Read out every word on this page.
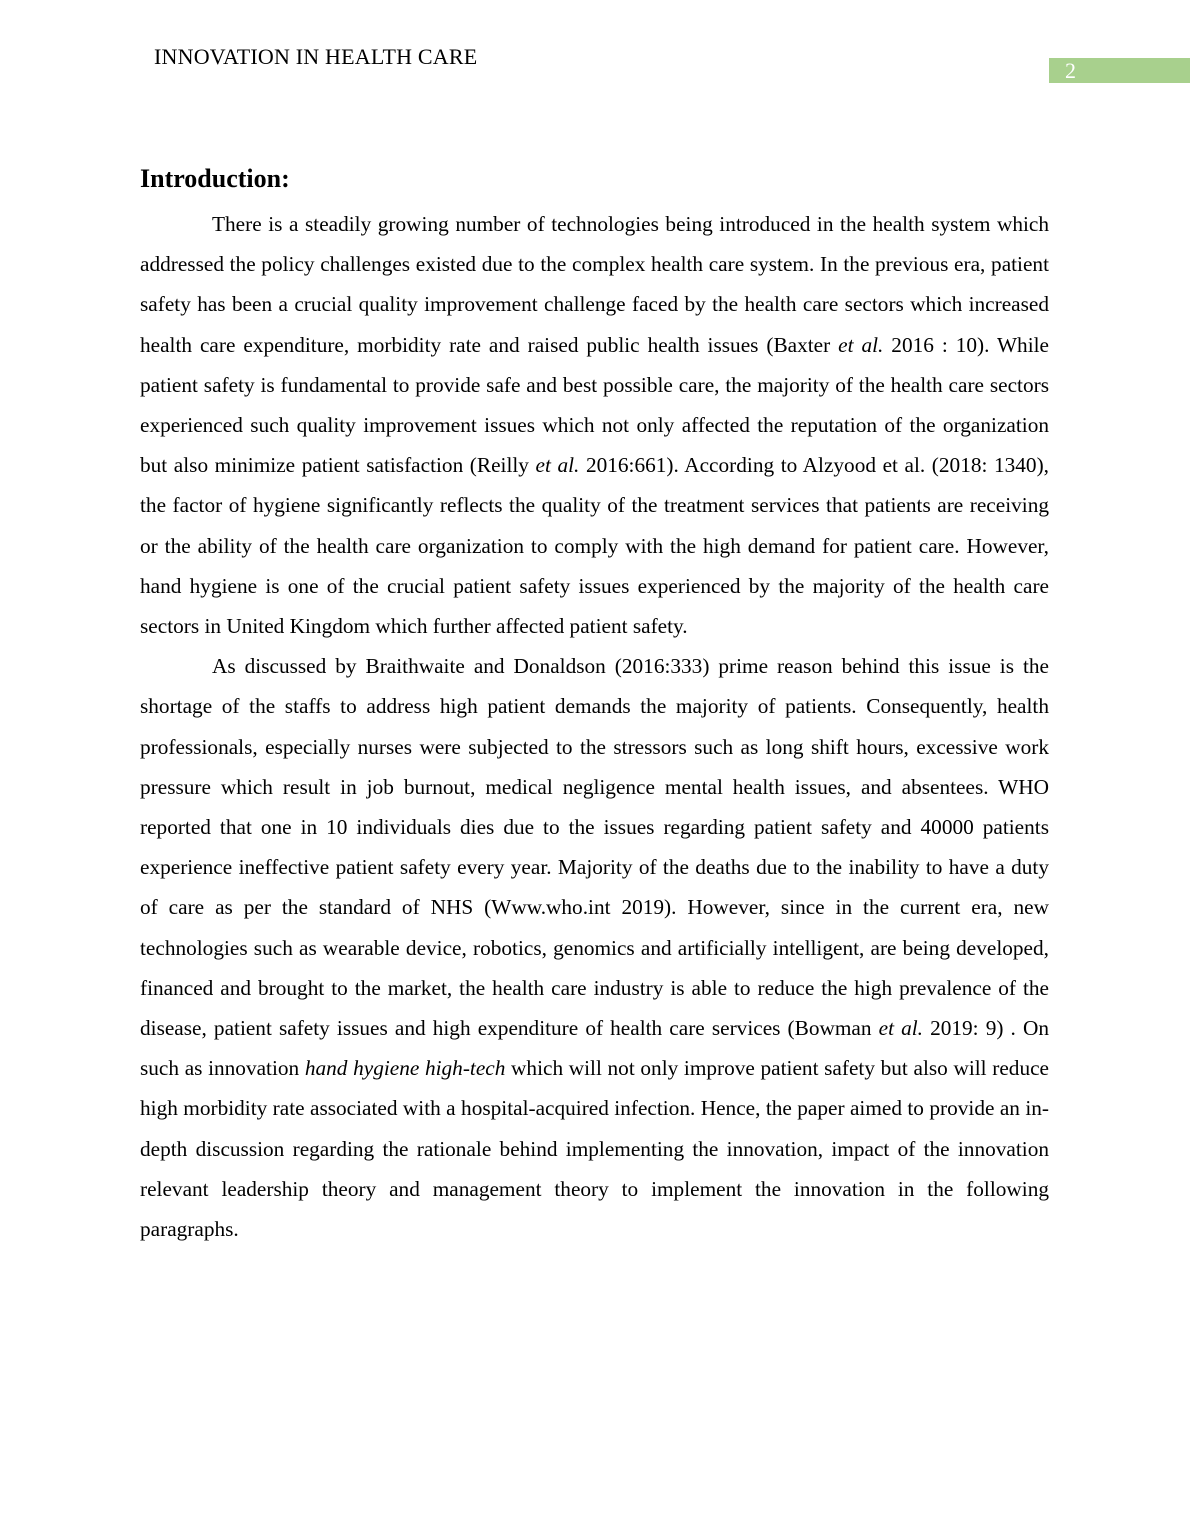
INNOVATION IN HEALTH CARE
2
Introduction:

There is a steadily growing number of technologies being introduced in the health system which addressed the policy challenges existed due to the complex health care system. In the previous era, patient safety has been a crucial quality improvement challenge faced by the health care sectors which increased health care expenditure, morbidity rate and raised public health issues (Baxter et al. 2016 : 10). While patient safety is fundamental to provide safe and best possible care, the majority of the health care sectors experienced such quality improvement issues which not only affected the reputation of the organization but also minimize patient satisfaction (Reilly et al. 2016:661). According to Alzyood et al. (2018: 1340), the factor of hygiene significantly reflects the quality of the treatment services that patients are receiving or the ability of the health care organization to comply with the high demand for patient care. However, hand hygiene is one of the crucial patient safety issues experienced by the majority of the health care sectors in United Kingdom which further affected patient safety.

As discussed by Braithwaite and Donaldson (2016:333) prime reason behind this issue is the shortage of the staffs to address high patient demands the majority of patients. Consequently, health professionals, especially nurses were subjected to the stressors such as long shift hours, excessive work pressure which result in job burnout, medical negligence mental health issues, and absentees. WHO reported that one in 10 individuals dies due to the issues regarding patient safety and 40000 patients experience ineffective patient safety every year. Majority of the deaths due to the inability to have a duty of care as per the standard of NHS (Www.who.int 2019). However, since in the current era, new technologies such as wearable device, robotics, genomics and artificially intelligent, are being developed, financed and brought to the market, the health care industry is able to reduce the high prevalence of the disease, patient safety issues and high expenditure of health care services (Bowman et al. 2019: 9) . On such as innovation hand hygiene high-tech which will not only improve patient safety but also will reduce high morbidity rate associated with a hospital-acquired infection. Hence, the paper aimed to provide an in-depth discussion regarding the rationale behind implementing the innovation, impact of the innovation relevant leadership theory and management theory to implement the innovation in the following paragraphs.
